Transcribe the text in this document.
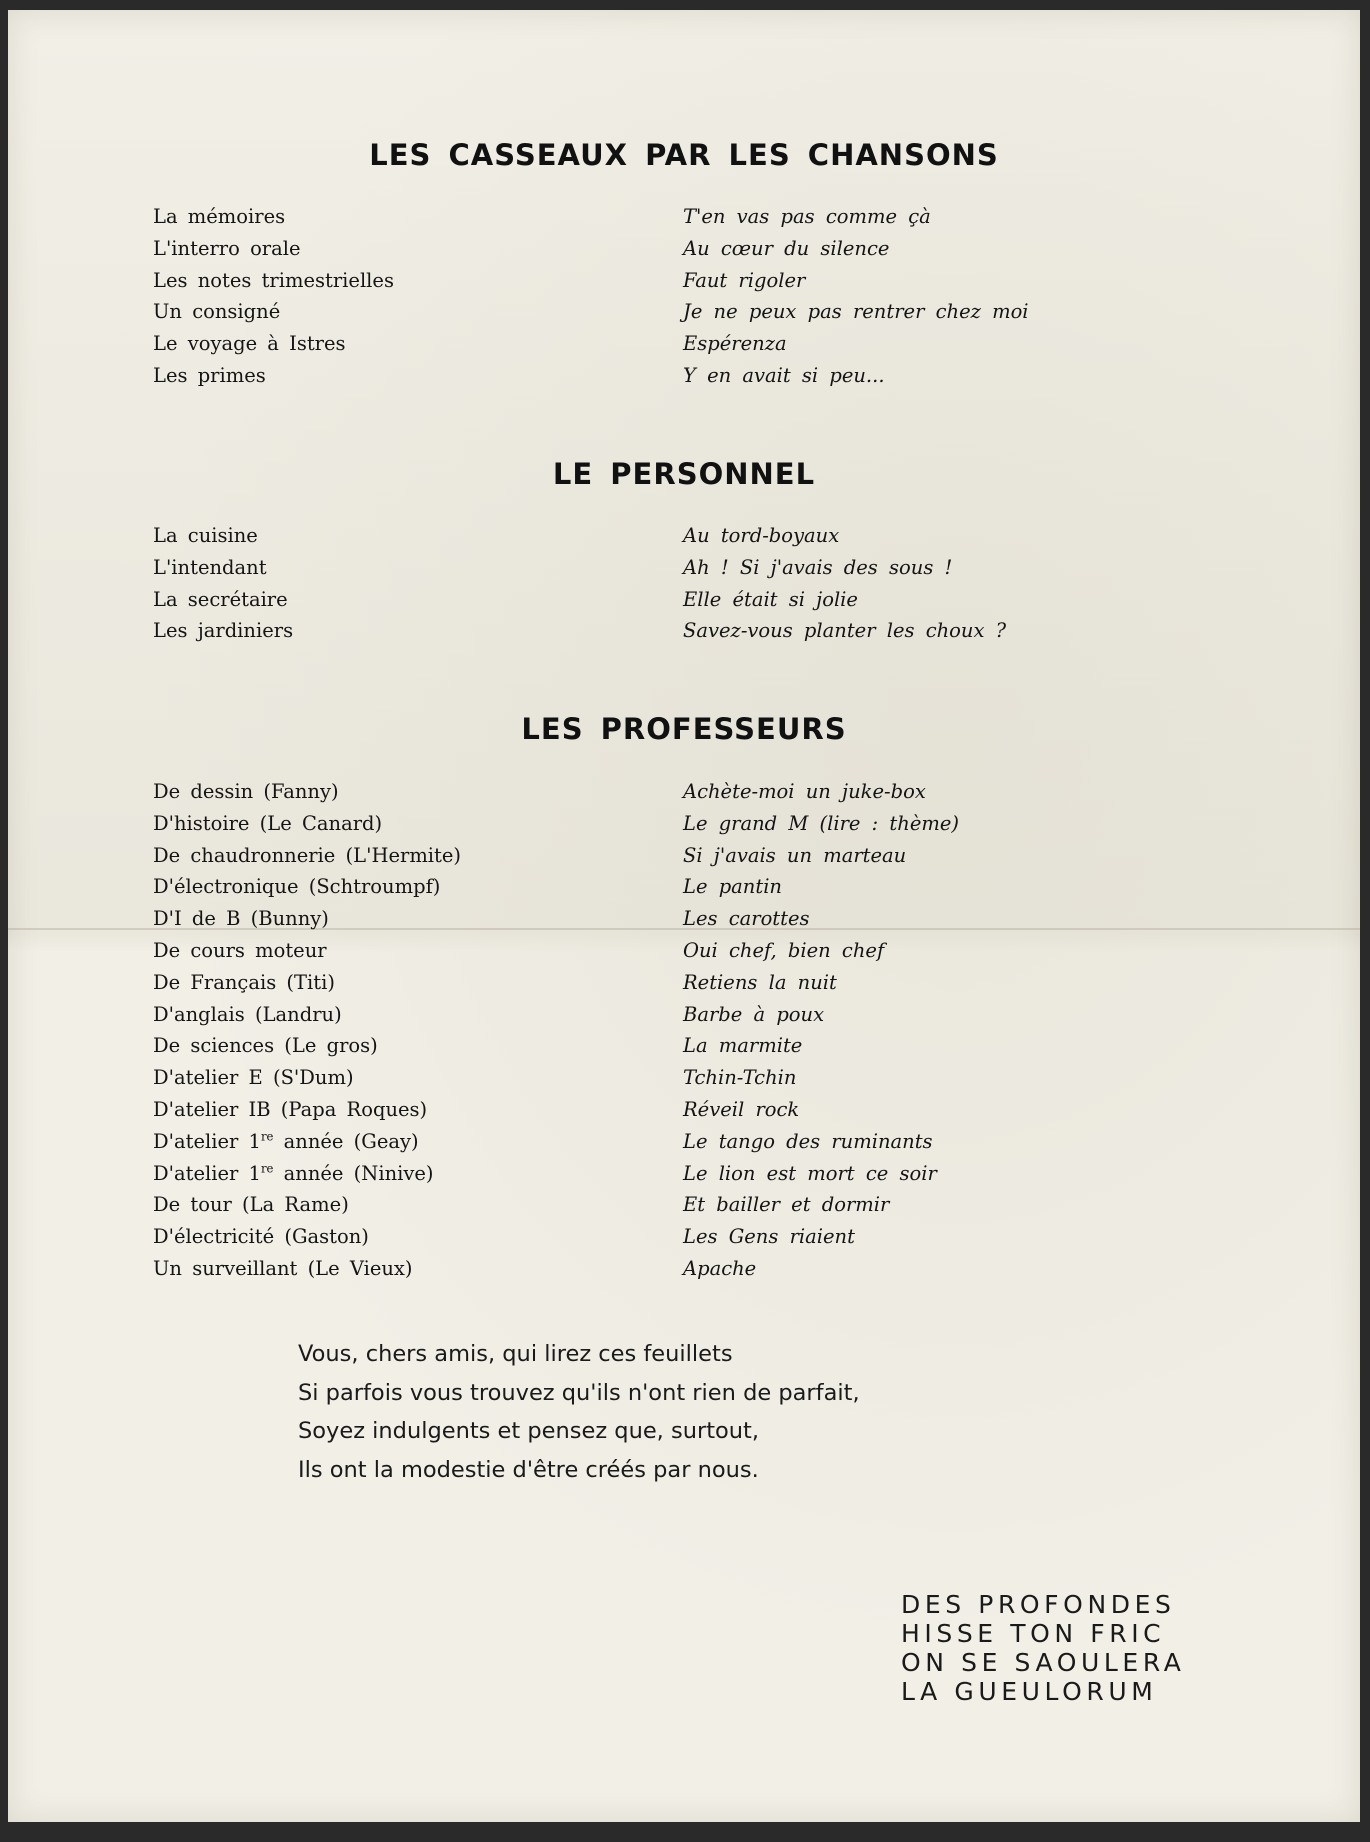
LES CASSEAUX PAR LES CHANSONS
La mémoires	T'en vas pas comme çà
L'interro orale	Au cœur du silence
Les notes trimestrielles	Faut rigoler
Un consigné	Je ne peux pas rentrer chez moi
Le voyage à Istres	Espérenza
Les primes	Y en avait si peu...
LE PERSONNEL
La cuisine	Au tord-boyaux
L'intendant	Ah ! Si j'avais des sous !
La secrétaire	Elle était si jolie
Les jardiniers	Savez-vous planter les choux ?
LES PROFESSEURS
De dessin (Fanny)	Achète-moi un juke-box
D'histoire (Le Canard)	Le grand M (lire : thème)
De chaudronnerie (L'Hermite)	Si j'avais un marteau
D'électronique (Schtroumpf)	Le pantin
D'I de B (Bunny)	Les carottes
De cours moteur	Oui chef, bien chef
De Français (Titi)	Retiens la nuit
D'anglais (Landru)	Barbe à poux
De sciences (Le gros)	La marmite
D'atelier E (S'Dum)	Tchin-Tchin
D'atelier IB (Papa Roques)	Réveil rock
D'atelier 1re année (Geay)	Le tango des ruminants
D'atelier 1re année (Ninive)	Le lion est mort ce soir
De tour (La Rame)	Et bailler et dormir
D'électricité (Gaston)	Les Gens riaient
Un surveillant (Le Vieux)	Apache
Vous, chers amis, qui lirez ces feuillets
Si parfois vous trouvez qu'ils n'ont rien de parfait,
Soyez indulgents et pensez que, surtout,
Ils ont la modestie d'être créés par nous.
DES PROFONDES
HISSE TON FRIC
ON SE SAOULERA
LA GUEULORUM
